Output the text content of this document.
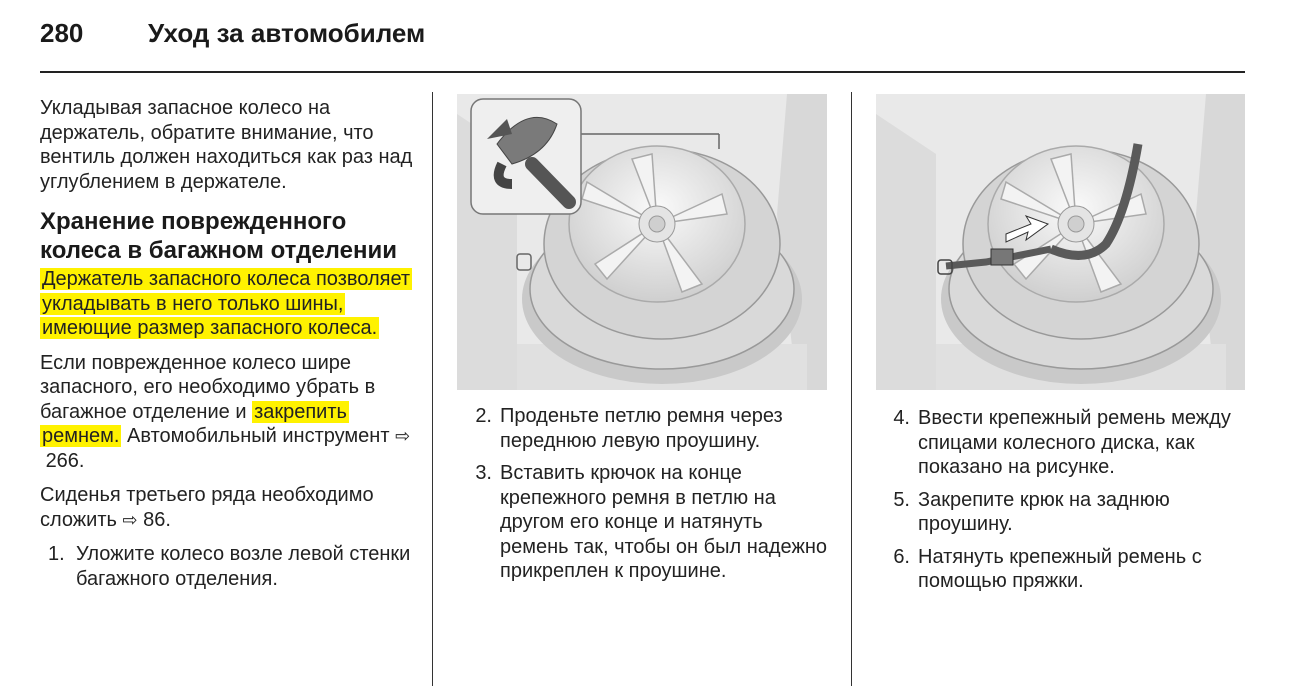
280 Уход за автомобилем

Укладывая запасное колесо на держатель, обратите внимание, что вентиль должен находиться как раз над углублением в держателе.

Хранение поврежденного колеса в багажном отделении

Держатель запасного колеса позволяет укладывать в него только шины, имеющие размер запасного колеса.

Если поврежденное колесо шире запасного, его необходимо убрать в багажное отделение и закрепить ремнем. Автомобильный инструмент ⇨ 266.

Сиденья третьего ряда необходимо сложить ⇨ 86.

1. Уложите колесо возле левой стенки багажного отделения.
2. Проденьте петлю ремня через переднюю левую проушину.
3. Вставить крючок на конце крепежного ремня в петлю на другом его конце и натянуть ремень так, чтобы он был надежно прикреплен к проушине.
4. Ввести крепежный ремень между спицами колесного диска, как показано на рисунке.
5. Закрепите крюк на заднюю проушину.
6. Натянуть крепежный ремень с помощью пряжки.
